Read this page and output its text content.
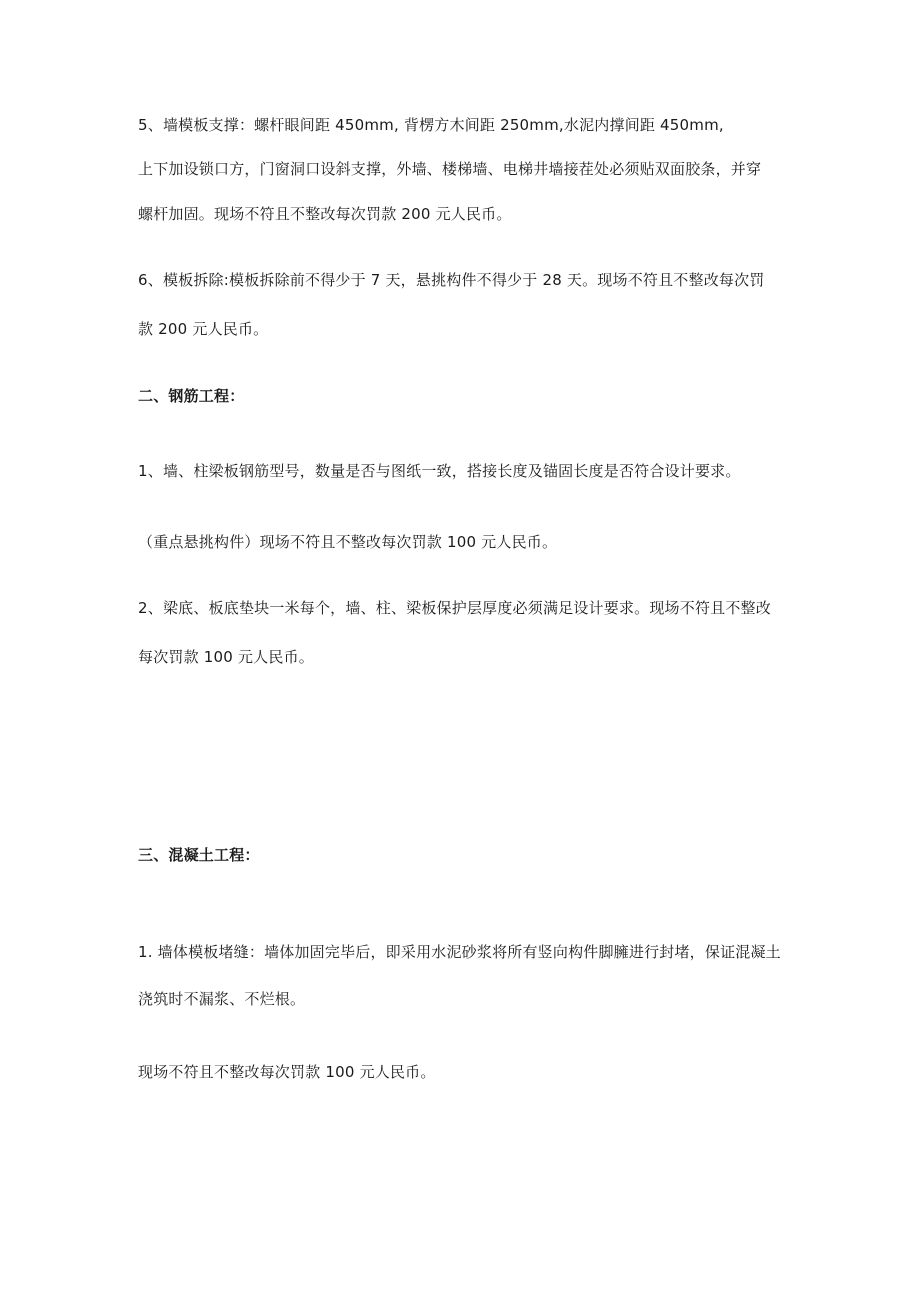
5、墙模板支撑：螺杆眼间距 450mm, 背楞方木间距 250mm,水泥内撑间距 450mm,
上下加设锁口方，门窗洞口设斜支撑，外墙、楼梯墙、电梯井墙接茬处必须贴双面胶条，并穿
螺杆加固。现场不符且不整改每次罚款 200 元人民币。
6、模板拆除:模板拆除前不得少于 7 天，悬挑构件不得少于 28 天。现场不符且不整改每次罚
款 200 元人民币。
二、钢筋工程：
1、墙、柱梁板钢筋型号，数量是否与图纸一致，搭接长度及锚固长度是否符合设计要求。
（重点悬挑构件）现场不符且不整改每次罚款 100 元人民币。
2、梁底、板底垫块一米每个，墙、柱、梁板保护层厚度必须满足设计要求。现场不符且不整改
每次罚款 100 元人民币。
三、混凝土工程：
1. 墙体模板堵缝：墙体加固完毕后，即采用水泥砂浆将所有竖向构件脚臃进行封堵，保证混凝土
浇筑时不漏浆、不烂根。
现场不符且不整改每次罚款 100 元人民币。
